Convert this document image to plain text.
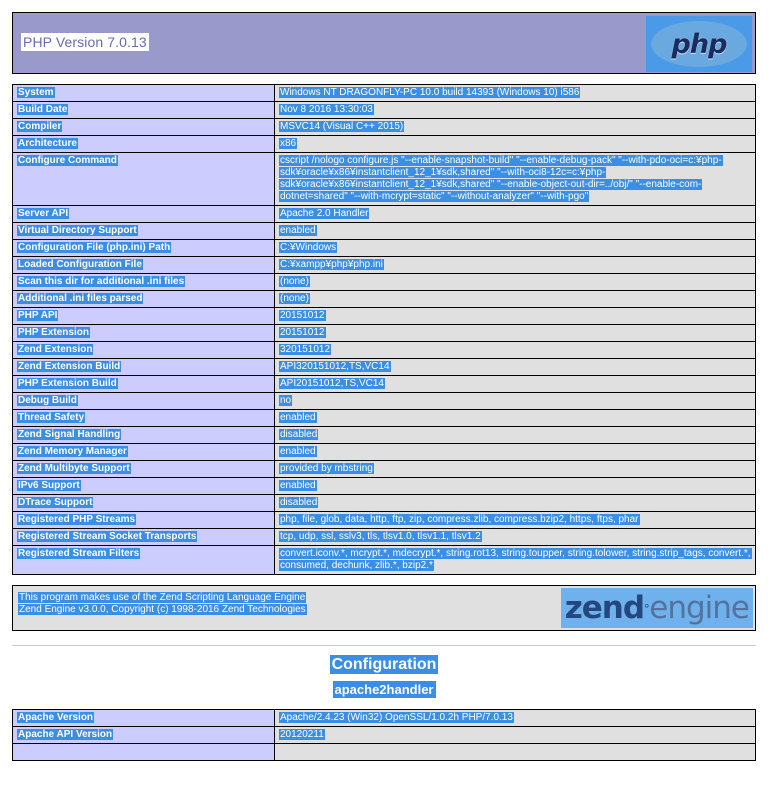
PHP Version 7.0.13	php
System	Windows NT DRAGONFLY-PC 10.0 build 14393 (Windows 10) i586
Build Date	Nov 8 2016 13:30:03
Compiler	MSVC14 (Visual C++ 2015)
Architecture	x86
Configure Command	cscript /nologo configure.js "--enable-snapshot-build" "--enable-debug-pack" "--with-pdo-oci=c:¥php-sdk¥oracle¥x86¥instantclient_12_1¥sdk,shared" "--with-oci8-12c=c:¥php-sdk¥oracle¥x86¥instantclient_12_1¥sdk,shared" "--enable-object-out-dir=../obj/" "--enable-com-dotnet=shared" "--with-mcrypt=static" "--without-analyzer" "--with-pgo"
Server API	Apache 2.0 Handler
Virtual Directory Support	enabled
Configuration File (php.ini) Path	C:¥Windows
Loaded Configuration File	C:¥xampp¥php¥php.ini
Scan this dir for additional .ini files	(none)
Additional .ini files parsed	(none)
PHP API	20151012
PHP Extension	20151012
Zend Extension	320151012
Zend Extension Build	API320151012,TS,VC14
PHP Extension Build	API20151012,TS,VC14
Debug Build	no
Thread Safety	enabled
Zend Signal Handling	disabled
Zend Memory Manager	enabled
Zend Multibyte Support	provided by mbstring
IPv6 Support	enabled
DTrace Support	disabled
Registered PHP Streams	php, file, glob, data, http, ftp, zip, compress.zlib, compress.bzip2, https, ftps, phar
Registered Stream Socket Transports	tcp, udp, ssl, sslv3, tls, tlsv1.0, tlsv1.1, tlsv1.2
Registered Stream Filters	convert.iconv.*, mcrypt.*, mdecrypt.*, string.rot13, string.toupper, string.tolower, string.strip_tags, convert.*, consumed, dechunk, zlib.*, bzip2.*
This program makes use of the Zend Scripting Language Engine
Zend Engine v3.0.0, Copyright (c) 1998-2016 Zend Technologies	zend ° engine
Configuration
apache2handler
Apache Version	Apache/2.4.23 (Win32) OpenSSL/1.0.2h PHP/7.0.13
Apache API Version	20120211
